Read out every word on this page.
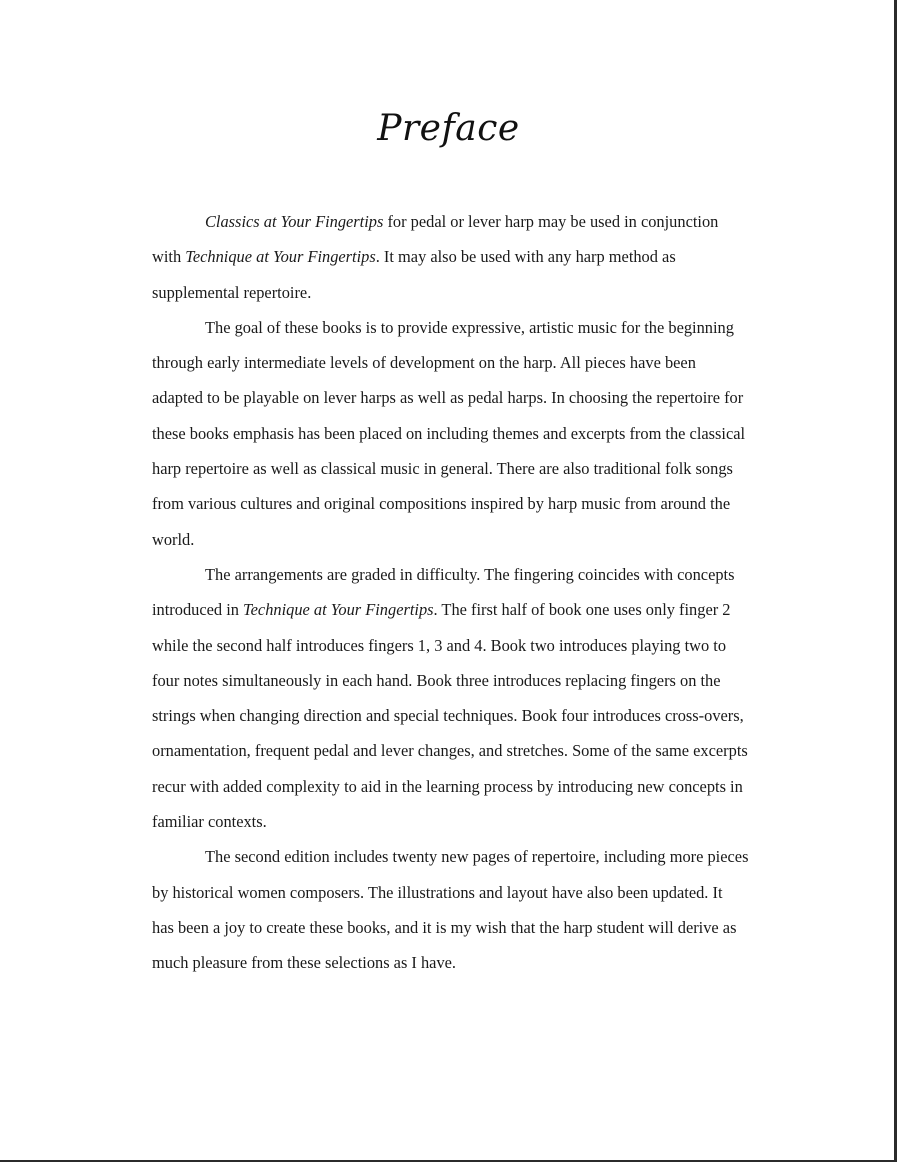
Preface
Classics at Your Fingertips for pedal or lever harp may be used in conjunction
with Technique at Your Fingertips. It may also be used with any harp method as
supplemental repertoire.
The goal of these books is to provide expressive, artistic music for the beginning
through early intermediate levels of development on the harp. All pieces have been
adapted to be playable on lever harps as well as pedal harps. In choosing the repertoire for
these books emphasis has been placed on including themes and excerpts from the classical
harp repertoire as well as classical music in general. There are also traditional folk songs
from various cultures and original compositions inspired by harp music from around the
world.
The arrangements are graded in difficulty. The fingering coincides with concepts
introduced in Technique at Your Fingertips. The first half of book one uses only finger 2
while the second half introduces fingers 1, 3 and 4. Book two introduces playing two to
four notes simultaneously in each hand. Book three introduces replacing fingers on the
strings when changing direction and special techniques. Book four introduces cross-overs,
ornamentation, frequent pedal and lever changes, and stretches. Some of the same excerpts
recur with added complexity to aid in the learning process by introducing new concepts in
familiar contexts.
The second edition includes twenty new pages of repertoire, including more pieces
by historical women composers. The illustrations and layout have also been updated. It
has been a joy to create these books, and it is my wish that the harp student will derive as
much pleasure from these selections as I have.
